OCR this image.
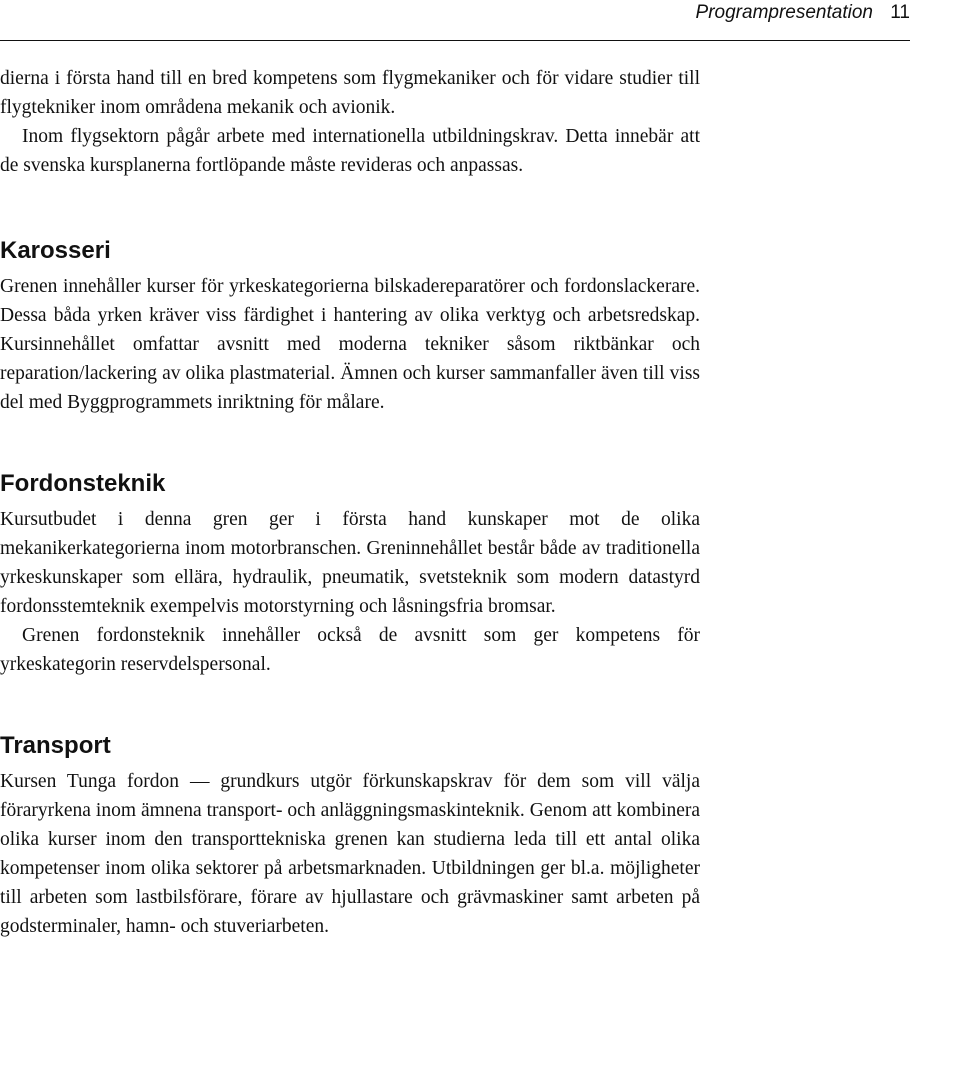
Programpresentation 11

dierna i första hand till en bred kompetens som flygmekaniker och för vidare studier till flygtekniker inom områdena mekanik och avionik.

Inom flygsektorn pågår arbete med internationella utbildningskrav. Detta innebär att de svenska kursplanerna fortlöpande måste revideras och anpassas.

Karosseri

Grenen innehåller kurser för yrkeskategorierna bilskadereparatörer och fordonslackerare. Dessa båda yrken kräver viss färdighet i hantering av olika verktyg och arbetsredskap. Kursinnehållet omfattar avsnitt med moderna tekniker såsom riktbänkar och reparation/lackering av olika plastmaterial. Ämnen och kurser sammanfaller även till viss del med Byggprogrammets inriktning för målare.

Fordonsteknik

Kursutbudet i denna gren ger i första hand kunskaper mot de olika mekanikerkategorierna inom motorbranschen. Greninnehållet består både av traditionella yrkeskunskaper som ellära, hydraulik, pneumatik, svetsteknik som modern datastyrd fordonsstemteknik exempelvis motorstyrning och låsningsfria bromsar.

Grenen fordonsteknik innehåller också de avsnitt som ger kompetens för yrkeskategorin reservdelspersonal.

Transport

Kursen Tunga fordon — grundkurs utgör förkunskapskrav för dem som vill välja föraryrkena inom ämnena transport- och anläggningsmaskinteknik. Genom att kombinera olika kurser inom den transporttekniska grenen kan studierna leda till ett antal olika kompetenser inom olika sektorer på arbetsmarknaden. Utbildningen ger bl.a. möjligheter till arbeten som lastbilsförare, förare av hjullastare och grävmaskiner samt arbeten på godsterminaler, hamn- och stuveriarbeten.
